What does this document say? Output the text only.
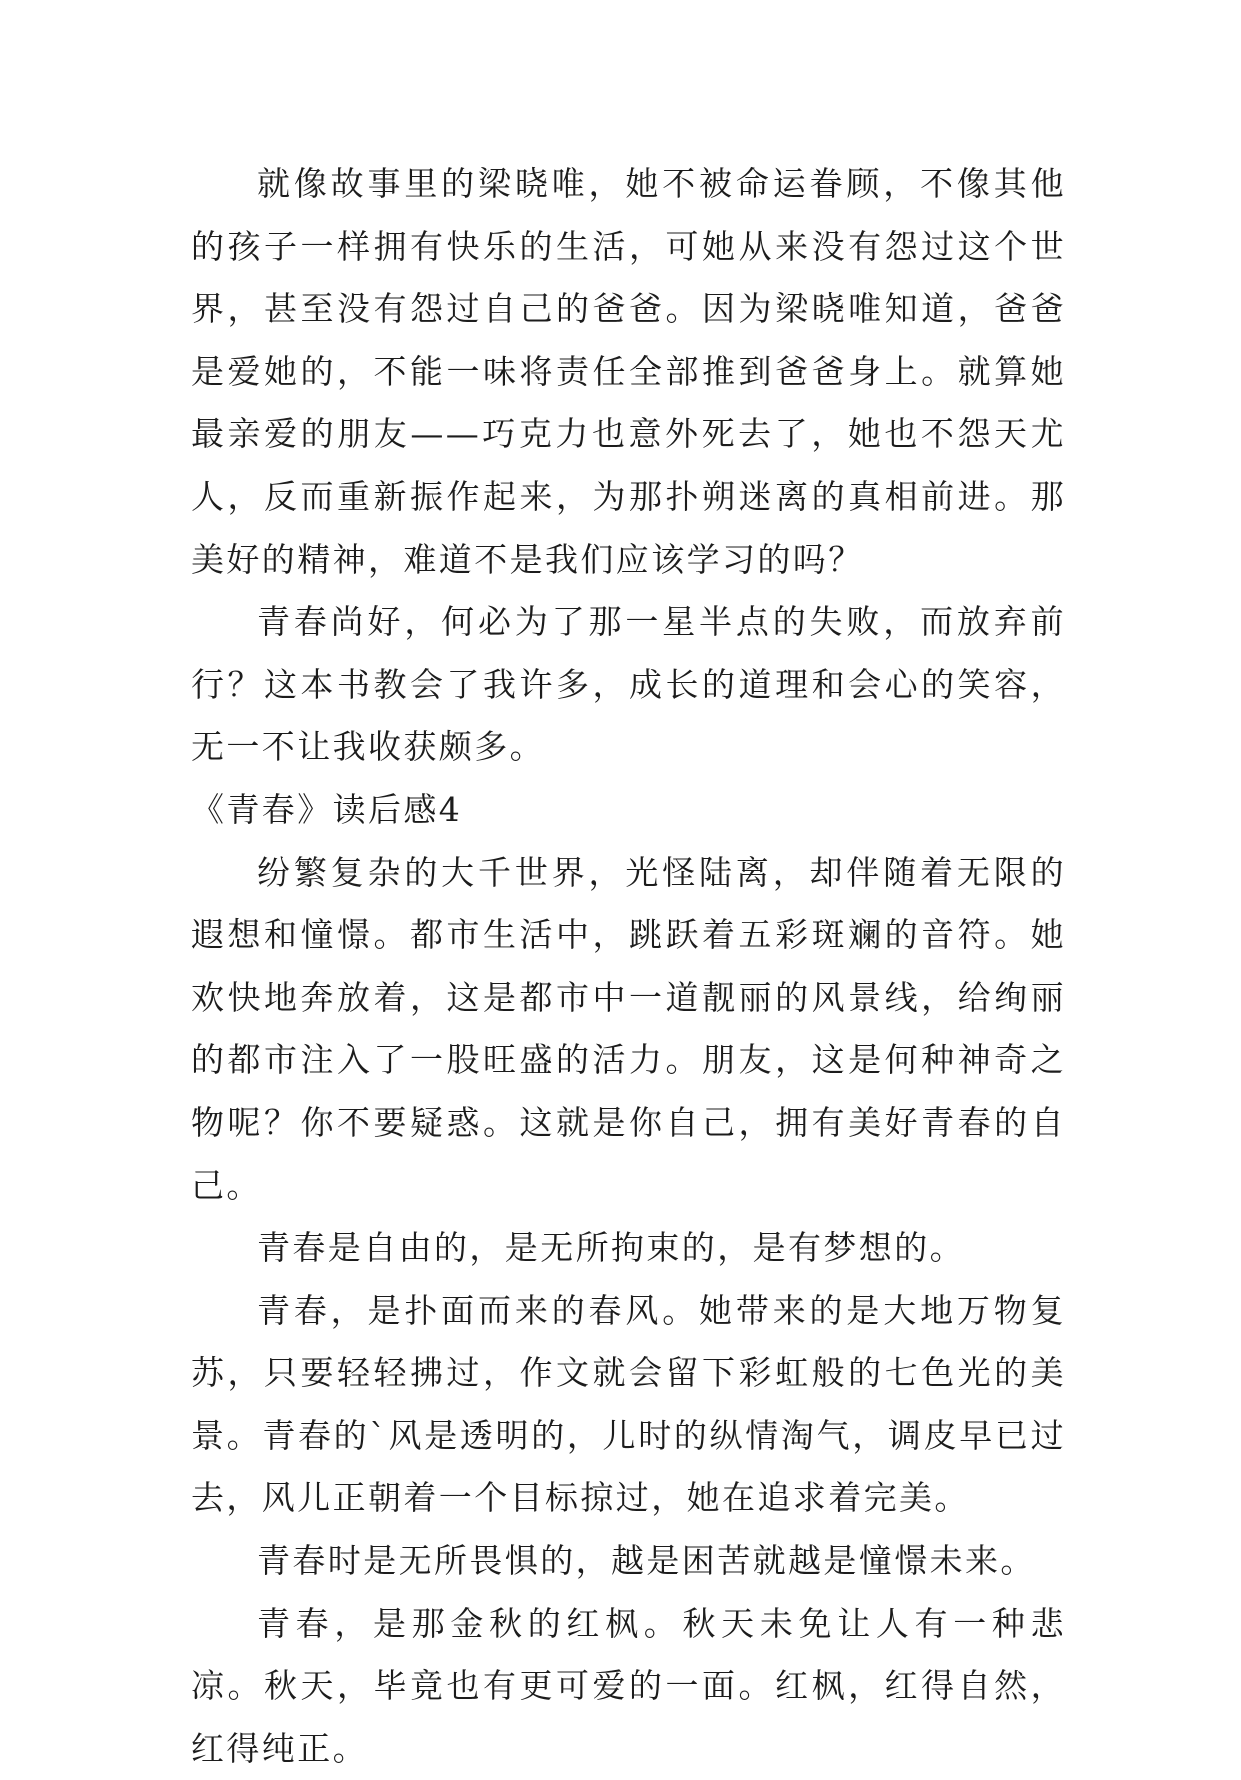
就像故事里的梁晓唯，她不被命运眷顾，不像其他的孩子一样拥有快乐的生活，可她从来没有怨过这个世界，甚至没有怨过自己的爸爸。因为梁晓唯知道，爸爸是爱她的，不能一味将责任全部推到爸爸身上。就算她最亲爱的朋友——巧克力也意外死去了，她也不怨天尤人，反而重新振作起来，为那扑朔迷离的真相前进。那美好的精神，难道不是我们应该学习的吗？

青春尚好，何必为了那一星半点的失败，而放弃前行？这本书教会了我许多，成长的道理和会心的笑容，无一不让我收获颇多。

《青春》读后感4

纷繁复杂的大千世界，光怪陆离，却伴随着无限的遐想和憧憬。都市生活中，跳跃着五彩斑斓的音符。她欢快地奔放着，这是都市中一道靓丽的风景线，给绚丽的都市注入了一股旺盛的活力。朋友，这是何种神奇之物呢？你不要疑惑。这就是你自己，拥有美好青春的自己。

青春是自由的，是无所拘束的，是有梦想的。

青春，是扑面而来的春风。她带来的是大地万物复苏，只要轻轻拂过，作文就会留下彩虹般的七色光的美景。青春的`风是透明的，儿时的纵情淘气，调皮早已过去，风儿正朝着一个目标掠过，她在追求着完美。

青春时是无所畏惧的，越是困苦就越是憧憬未来。

青春，是那金秋的红枫。秋天未免让人有一种悲凉。秋天，毕竟也有更可爱的一面。红枫，红得自然，红得纯正。
